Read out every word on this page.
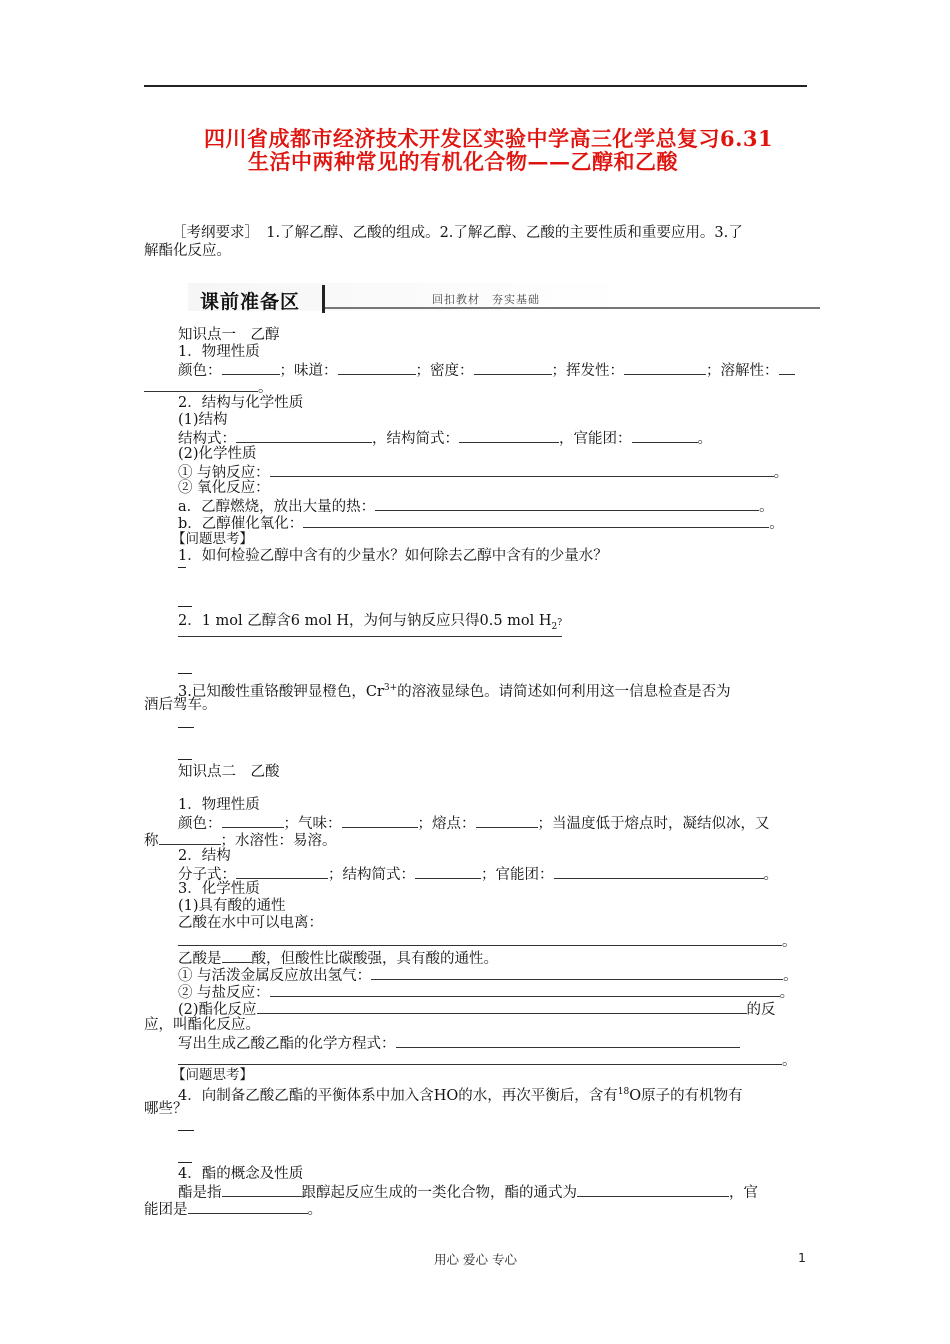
四川省成都市经济技术开发区实验中学高三化学总复习6.31
生活中两种常见的有机化合物——乙醇和乙酸
［考纲要求］　1.了解乙醇、乙酸的组成。2.了解乙醇、乙酸的主要性质和重要应用。3.了
解酯化反应。
课前准备区	回扣教材　夯实基础
知识点一　乙醇
1．物理性质
颜色：	；味道：	；密度：	；挥发性：	；溶解性：
。
2．结构与化学性质
(1)结构
结构式：	，结构简式：	，官能团：	。
(2)化学性质
① 与钠反应：	。
② 氧化反应：
a．乙醇燃烧，放出大量的热：	。
b．乙醇催化氧化：	。
【问题思考】
1．如何检验乙醇中含有的少量水？如何除去乙醇中含有的少量水？
2．1 mol 乙醇含6 mol H，为何与钠反应只得0.5 mol $H_2$?
3.已知酸性重铬酸钾显橙色，$Cr^{3+}$的溶液显绿色。请简述如何利用这一信息检查是否为
酒后驾车。
知识点二　乙酸
1．物理性质
颜色：	；气味：	；熔点：	；当温度低于熔点时，凝结似冰，又
称	；水溶性：易溶。
2．结构
分子式：	；结构简式：	；官能团：	。
3．化学性质
(1)具有酸的通性
乙酸在水中可以电离：
。
乙酸是 酸，但酸性比碳酸强，具有酸的通性。
① 与活泼金属反应放出氢气：	。
② 与盐反应：	。
(2)酯化反应	的反
应，叫酯化反应。
写出生成乙酸乙酯的化学方程式：
。
【问题思考】
4．向制备乙酸乙酯的平衡体系中加入含HO的水，再次平衡后，含有$^{18}$O原子的有机物有
哪些？
4．酯的概念及性质
酯是指	跟醇起反应生成的一类化合物，酯的通式为	，官
能团是	。
用心 爱心 专心	1
